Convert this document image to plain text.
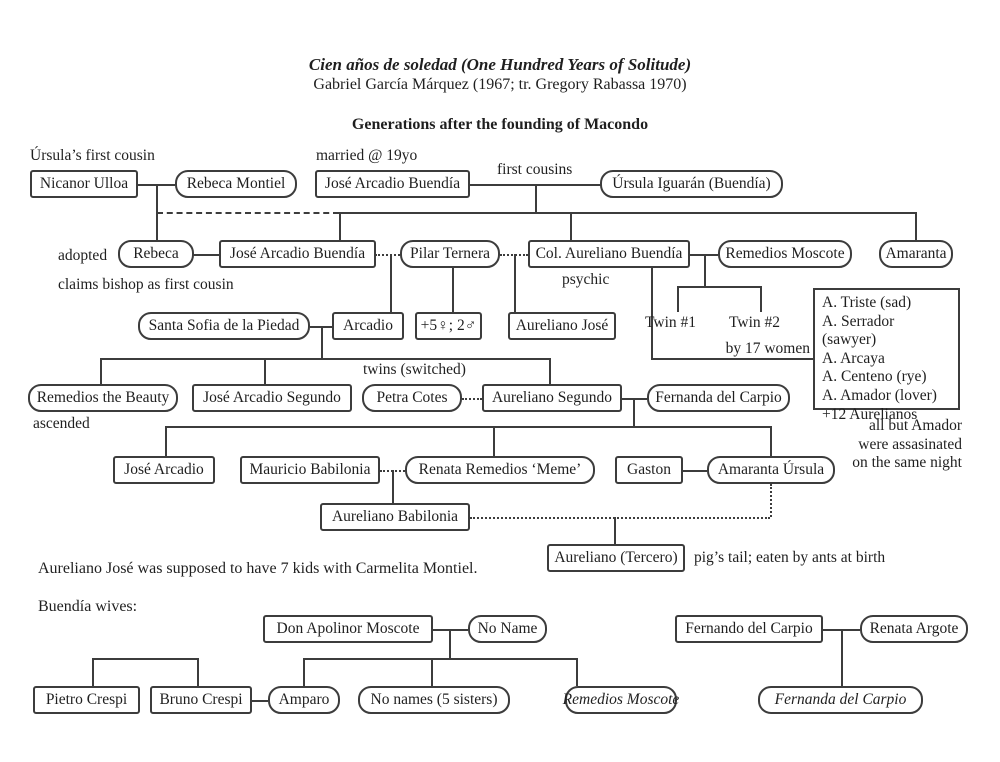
Cien años de soledad (One Hundred Years of Solitude)
Gabriel García Márquez (1967; tr. Gregory Rabassa 1970)
Generations after the founding of Macondo
Úrsula’s first cousin	married @ 19yo
first cousins
adopted
claims bishop as first cousin	psychic
Twin #1 Twin #2
by 17 women
twins (switched)
ascended	all but Amador
were assasinated
on the same night
pig’s tail; eaten by ants at birth
Aureliano José was supposed to have 7 kids with Carmelita Montiel.
Buendía wives:
Nicanor Ulloa	Rebeca Montiel	José Arcadio Buendía	Úrsula Iguarán (Buendía)
Rebeca	José Arcadio Buendía	Pilar Ternera	Col. Aureliano Buendía	Remedios Moscote	Amaranta
Santa Sofia de la Piedad	Arcadio	+5♀; 2♂	Aureliano José
A. Triste (sad)
A. Serrador (sawyer)
A. Arcaya
A. Centeno (rye)
A. Amador (lover)
+12 Aurelianos
Remedios the Beauty	José Arcadio Segundo	Petra Cotes	Aureliano Segundo	Fernanda del Carpio
José Arcadio	Mauricio Babilonia	Renata Remedios ‘Meme’	Gaston	Amaranta Úrsula
Aureliano Babilonia
Aureliano (Tercero)
Don Apolinor Moscote	No Name
Pietro Crespi	Bruno Crespi	Amparo	No names (5 sisters)	Remedios Moscote
Fernando del Carpio	Renata Argote
Fernanda del Carpio
